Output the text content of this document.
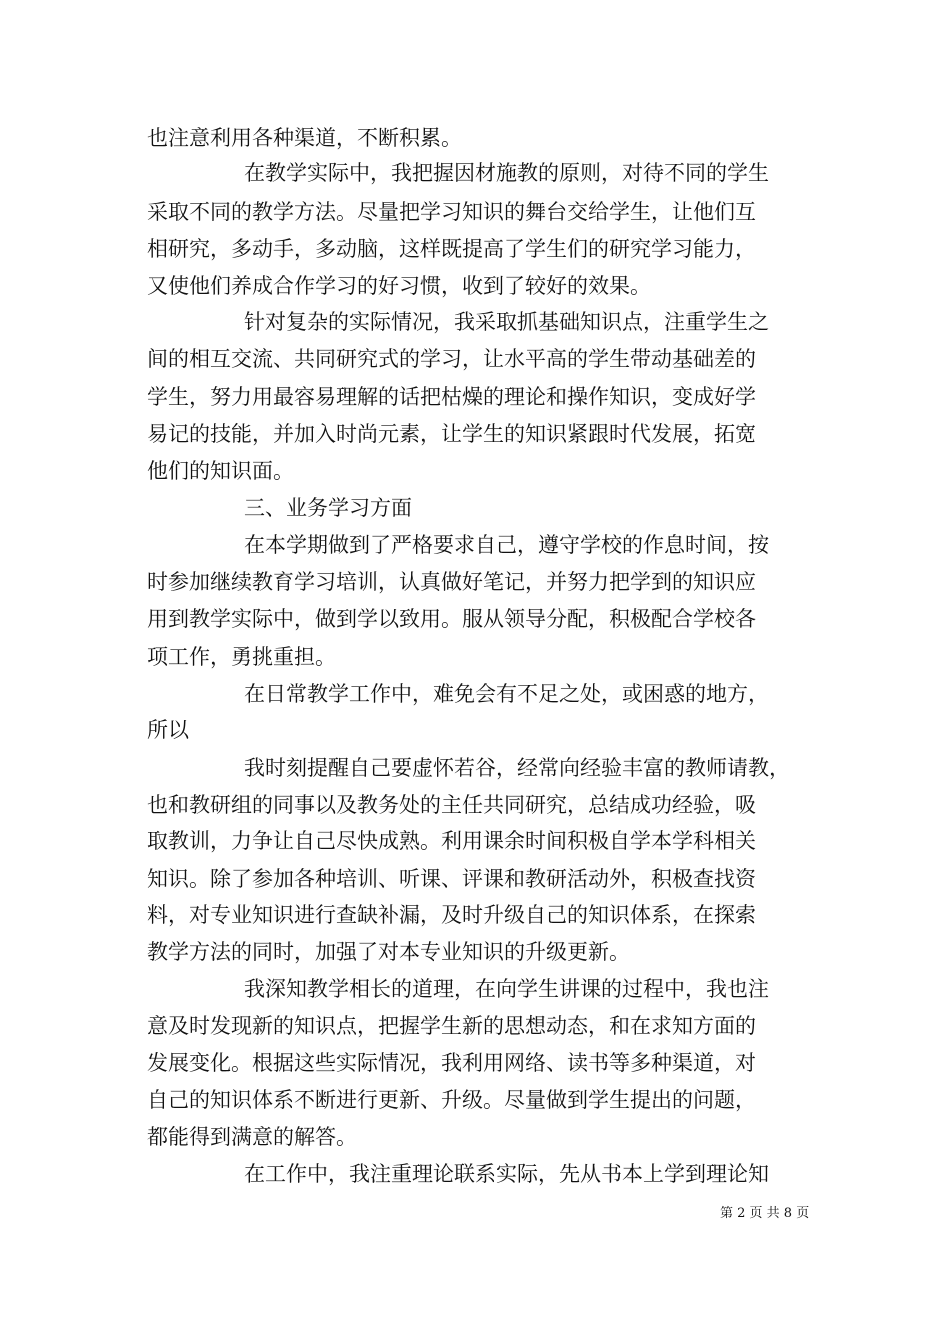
也注意利用各种渠道，不断积累。
在教学实际中，我把握因材施教的原则，对待不同的学生
采取不同的教学方法。尽量把学习知识的舞台交给学生，让他们互
相研究，多动手，多动脑，这样既提高了学生们的研究学习能力，
又使他们养成合作学习的好习惯，收到了较好的效果。
针对复杂的实际情况，我采取抓基础知识点，注重学生之
间的相互交流、共同研究式的学习，让水平高的学生带动基础差的
学生，努力用最容易理解的话把枯燥的理论和操作知识，变成好学
易记的技能，并加入时尚元素，让学生的知识紧跟时代发展，拓宽
他们的知识面。
三、业务学习方面
在本学期做到了严格要求自己，遵守学校的作息时间，按
时参加继续教育学习培训，认真做好笔记，并努力把学到的知识应
用到教学实际中，做到学以致用。服从领导分配，积极配合学校各
项工作，勇挑重担。
在日常教学工作中，难免会有不足之处，或困惑的地方，
所以
我时刻提醒自己要虚怀若谷，经常向经验丰富的教师请教，
也和教研组的同事以及教务处的主任共同研究，总结成功经验，吸
取教训，力争让自己尽快成熟。利用课余时间积极自学本学科相关
知识。除了参加各种培训、听课、评课和教研活动外，积极查找资
料，对专业知识进行查缺补漏，及时升级自己的知识体系，在探索
教学方法的同时，加强了对本专业知识的升级更新。
我深知教学相长的道理，在向学生讲课的过程中，我也注
意及时发现新的知识点，把握学生新的思想动态，和在求知方面的
发展变化。根据这些实际情况，我利用网络、读书等多种渠道，对
自己的知识体系不断进行更新、升级。尽量做到学生提出的问题，
都能得到满意的解答。
在工作中，我注重理论联系实际，先从书本上学到理论知
第 2 页 共 8 页
